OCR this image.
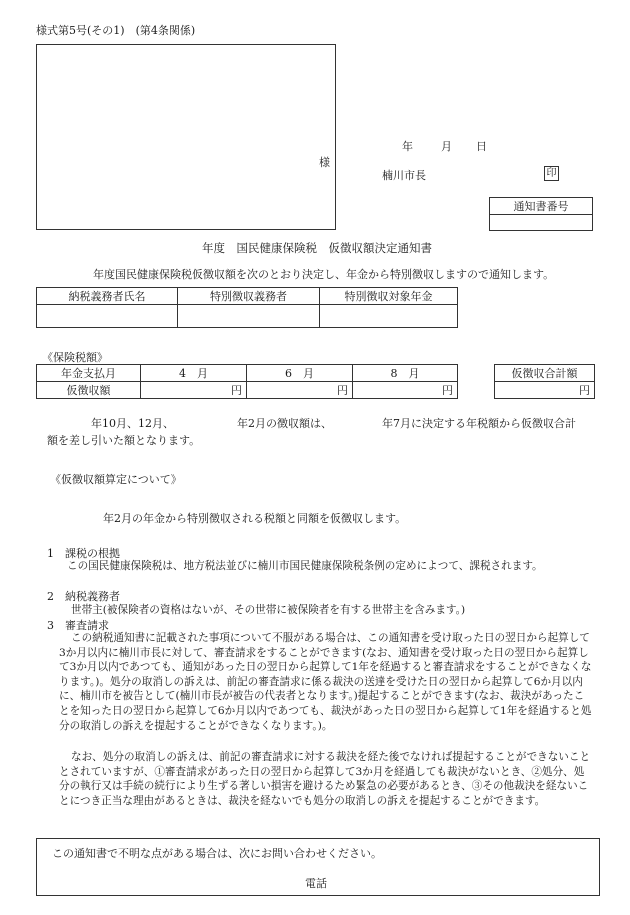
様式第5号(その1)　(第4条関係)
様
年	月 日
楠川市長	印
通知書番号

年度　国民健康保険税　仮徴収額決定通知書
年度国民健康保険税仮徴収額を次のとおり決定し、年金から特別徴収しますので通知します。
納税義務者氏名	特別徴収義務者	特別徴収対象年金

《保険税額》
年金支払月	4　月	6　月	8　月
仮徴収額	円	円	円
仮徴収合計額
円
年10月、12月、	年2月の徴収額は、	年7月に決定する年税額から仮徴収合計
額を差し引いた額となります。
《仮徴収額算定について》
年2月の年金から特別徴収される税額と同額を仮徴収します。
1　課税の根拠
この国民健康保険税は、地方税法並びに楠川市国民健康保険税条例の定めによつて、課税されます。
2　納税義務者
世帯主(被保険者の資格はないが、その世帯に被保険者を有する世帯主を含みます。)
3　審査請求
この納税通知書に記載された事項について不服がある場合は、この通知書を受け取った日の翌日から起算して3か月以内に楠川市長に対して、審査請求をすることができます(なお、通知書を受け取った日の翌日から起算して3か月以内であつても、通知があった日の翌日から起算して1年を経過すると審査請求をすることができなくなります。)。処分の取消しの訴えは、前記の審査請求に係る裁決の送達を受けた日の翌日から起算して6か月以内に、楠川市を被告として(楠川市長が被告の代表者となります。)提起することができます(なお、裁決があったことを知った日の翌日から起算して6か月以内であつても、裁決があった日の翌日から起算して1年を経過すると処分の取消しの訴えを提起することができなくなります。)。
なお、処分の取消しの訴えは、前記の審査請求に対する裁決を経た後でなければ提起することができないこととされていますが、①審査請求があった日の翌日から起算して3か月を経過しても裁決がないとき、②処分、処分の執行又は手続の続行により生ずる著しい損害を避けるため緊急の必要があるとき、③その他裁決を経ないことにつき正当な理由があるときは、裁決を経ないでも処分の取消しの訴えを提起することができます。
この通知書で不明な点がある場合は、次にお問い合わせください。
電話
